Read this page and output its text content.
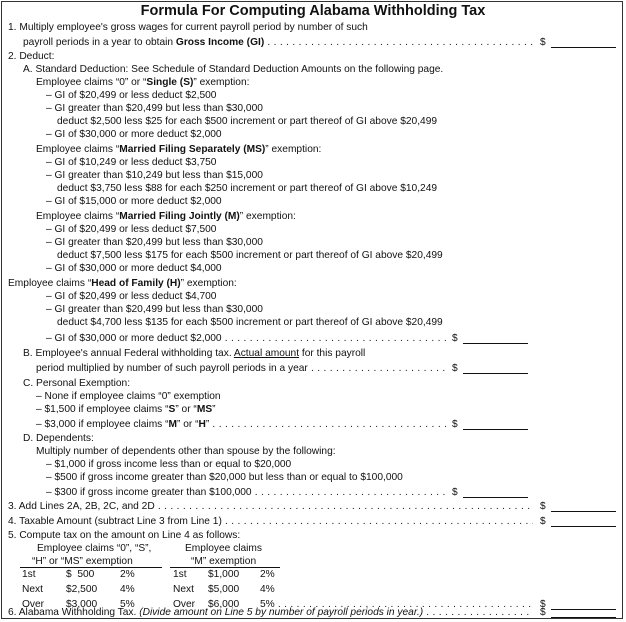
Formula For Computing Alabama Withholding Tax
1. Multiply employee's gross wages for current payroll period by number of such
payroll periods in a year to obtain Gross Income (GI) . . .	$
2. Deduct:
A. Standard Deduction: See Schedule of Standard Deduction Amounts on the following page.
Employee claims “0” or “Single (S)” exemption:
– GI of $20,499 or less deduct $2,500
– GI greater than $20,499 but less than $30,000
deduct $2,500 less $25 for each $500 increment or part thereof of GI above $20,499
– GI of $30,000 or more deduct $2,000
Employee claims “Married Filing Separately (MS)” exemption:
– GI of $10,249 or less deduct $3,750
– GI greater than $10,249 but less than $15,000
deduct $3,750 less $88 for each $250 increment or part thereof of GI above $10,249
– GI of $15,000 or more deduct $2,000
Employee claims “Married Filing Jointly (M)” exemption:
– GI of $20,499 or less deduct $7,500
– GI greater than $20,499 but less than $30,000
deduct $7,500 less $175 for each $500 increment or part thereof of GI above $20,499
– GI of $30,000 or more deduct $4,000
Employee claims “Head of Family (H)” exemption:
– GI of $20,499 or less deduct $4,700
– GI greater than $20,499 but less than $30,000
deduct $4,700 less $135 for each $500 increment or part thereof of GI above $20,499
– GI of $30,000 or more deduct $2,000 . . .	$
B. Employee's annual Federal withholding tax. Actual amount for this payroll
period multiplied by number of such payroll periods in a year . . .	$
C. Personal Exemption:
– None if employee claims “0” exemption
– $1,500 if employee claims “S” or “MS”
– $3,000 if employee claims “M” or “H” . . .	$
D. Dependents:
Multiply number of dependents other than spouse by the following:
– $1,000 if gross income less than or equal to $20,000
– $500 if gross income greater than $20,000 but less than or equal to $100,000
– $300 if gross income greater than $100,000 . . .	$
3. Add Lines 2A, 2B, 2C, and 2D . . .	$
4. Taxable Amount (subtract Line 3 from Line 1) . . .	$
5. Compute tax on the amount on Line 4 as follows:
Employee claims “0”, “S”,
“H” or “MS” exemption
Employee claims
“M” exemption
1st	$  500	2%	1st $1,000 2%
Next $2,500 4%	Next $5,000 4%
Over $3,000 5%	Over $6,000 5% . . .	$
6. Alabama Withholding Tax. (Divide amount on Line 5 by number of payroll periods in year.) . . .	$
